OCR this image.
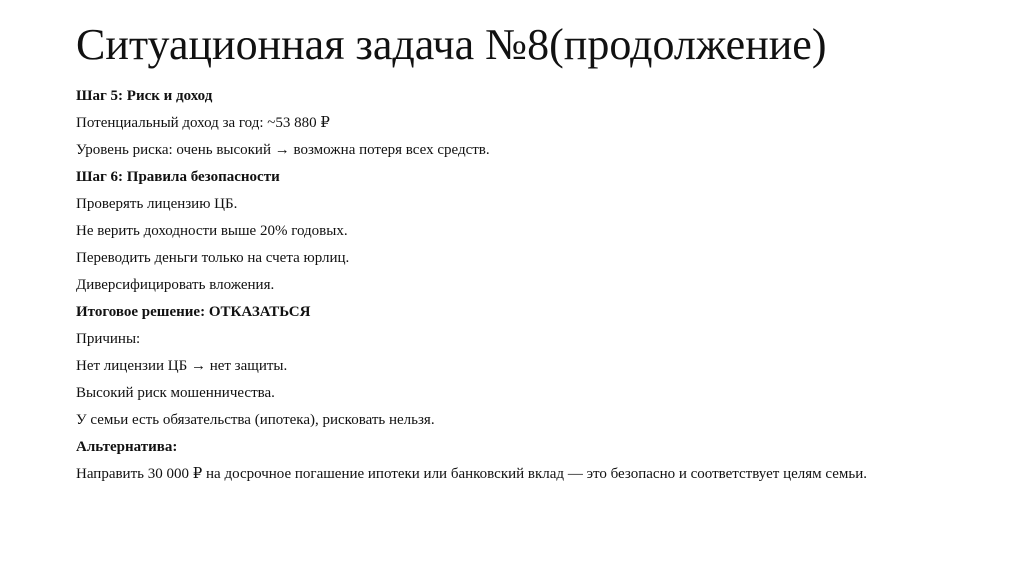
Ситуационная задача №8(продолжение)
Шаг 5: Риск и доход
Потенциальный доход за год: ~53 880 ₽
Уровень риска: очень высокий → возможна потеря всех средств.
Шаг 6: Правила безопасности
Проверять лицензию ЦБ.
Не верить доходности выше 20% годовых.
Переводить деньги только на счета юрлиц.
Диверсифицировать вложения.
Итоговое решение: ОТКАЗАТЬСЯ
Причины:
Нет лицензии ЦБ → нет защиты.
Высокий риск мошенничества.
У семьи есть обязательства (ипотека), рисковать нельзя.
Альтернатива:
Направить 30 000 ₽ на досрочное погашение ипотеки или банковский вклад — это безопасно и соответствует целям семьи.
